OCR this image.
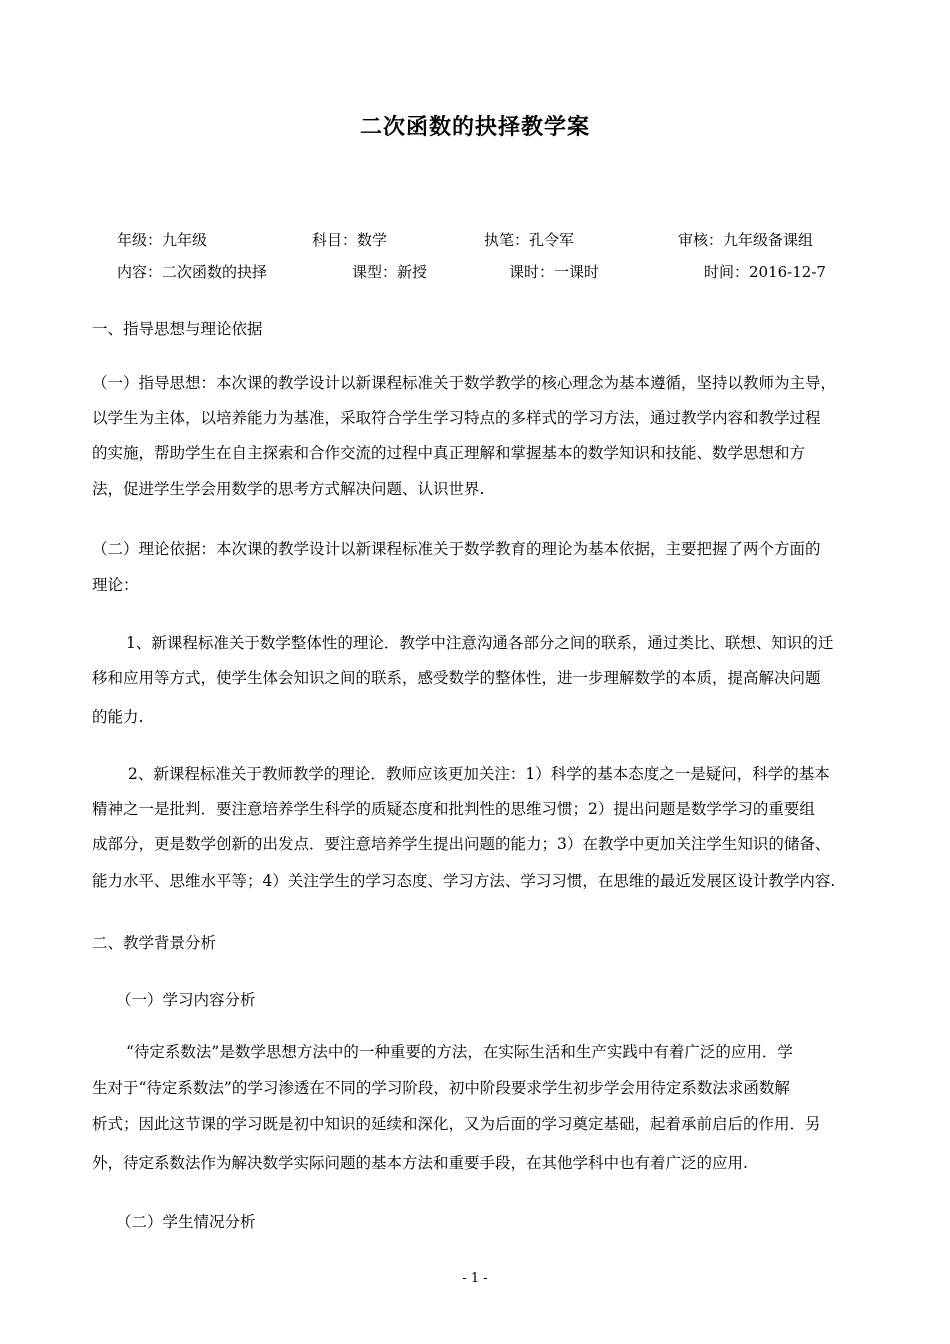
二次函数的抉择教学案
年级：九年级	科目：数学	执笔：孔令军	审核：九年级备课组
内容：二次函数的抉择	课型：新授	课时：一课时	时间：2016-12-7
一、指导思想与理论依据
（一）指导思想：本次课的教学设计以新课程标准关于数学教学的核心理念为基本遵循，坚持以教师为主导，
以学生为主体，以培养能力为基准，采取符合学生学习特点的多样式的学习方法，通过教学内容和教学过程
的实施，帮助学生在自主探索和合作交流的过程中真正理解和掌握基本的数学知识和技能、数学思想和方
法，促进学生学会用数学的思考方式解决问题、认识世界.
（二）理论依据：本次课的教学设计以新课程标准关于数学教育的理论为基本依据，主要把握了两个方面的
理论：
1、新课程标准关于数学整体性的理论．教学中注意沟通各部分之间的联系，通过类比、联想、知识的迁
移和应用等方式，使学生体会知识之间的联系，感受数学的整体性，进一步理解数学的本质，提高解决问题
的能力.
2、新课程标准关于教师教学的理论．教师应该更加关注：1）科学的基本态度之一是疑问，科学的基本
精神之一是批判．要注意培养学生科学的质疑态度和批判性的思维习惯；2）提出问题是数学学习的重要组
成部分，更是数学创新的出发点．要注意培养学生提出问题的能力；3）在教学中更加关注学生知识的储备、
能力水平、思维水平等；4）关注学生的学习态度、学习方法、学习习惯，在思维的最近发展区设计教学内容.
二、教学背景分析
（一）学习内容分析
“待定系数法”是数学思想方法中的一种重要的方法，在实际生活和生产实践中有着广泛的应用．学
生对于“待定系数法”的学习渗透在不同的学习阶段，初中阶段要求学生初步学会用待定系数法求函数解
析式；因此这节课的学习既是初中知识的延续和深化，又为后面的学习奠定基础，起着承前启后的作用．另
外，待定系数法作为解决数学实际问题的基本方法和重要手段，在其他学科中也有着广泛的应用.
（二）学生情况分析
- 1 -
